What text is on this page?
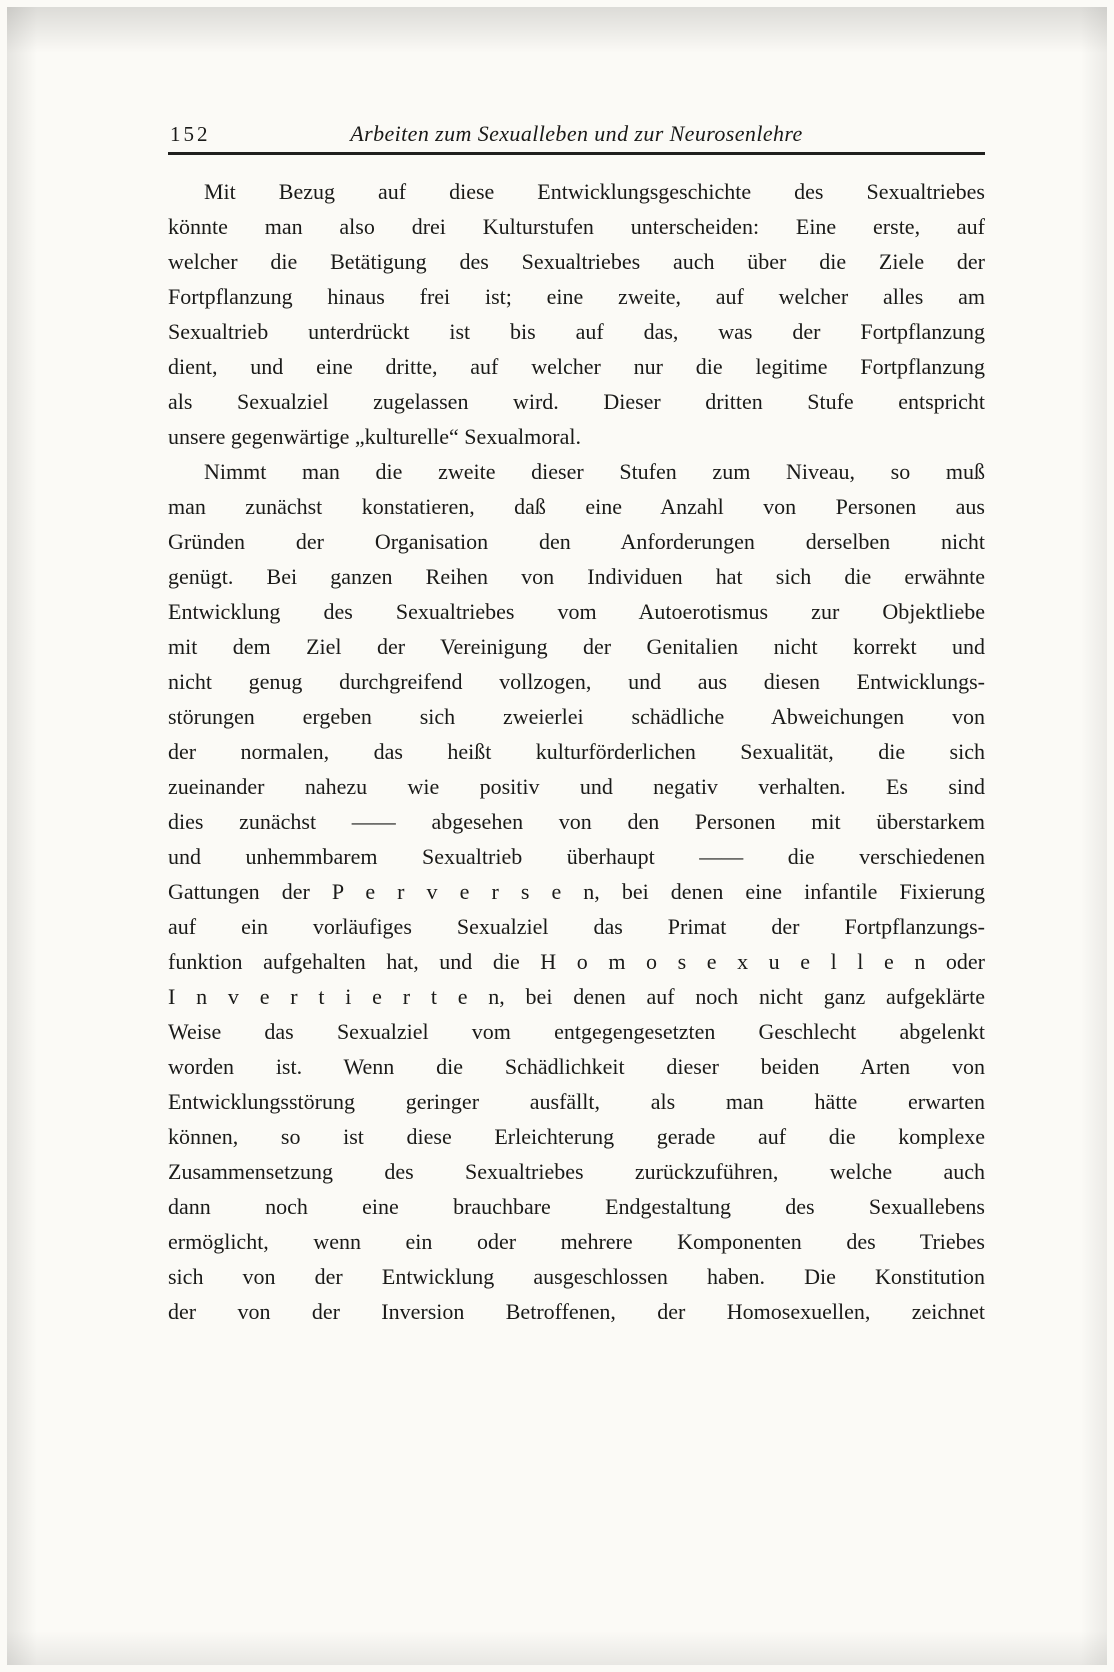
152	Arbeiten zum Sexualleben und zur Neurosenlehre
Mit Bezug auf diese Entwicklungsgeschichte des Sexualtriebes
könnte man also drei Kulturstufen unterscheiden: Eine erste, auf
welcher die Betätigung des Sexualtriebes auch über die Ziele der
Fortpflanzung hinaus frei ist; eine zweite, auf welcher alles am
Sexualtrieb unterdrückt ist bis auf das, was der Fortpflanzung
dient, und eine dritte, auf welcher nur die legitime Fortpflanzung
als Sexualziel zugelassen wird. Dieser dritten Stufe entspricht
unsere gegenwärtige „kulturelle“ Sexualmoral.
Nimmt man die zweite dieser Stufen zum Niveau, so muß
man zunächst konstatieren, daß eine Anzahl von Personen aus
Gründen der Organisation den Anforderungen derselben nicht
genügt. Bei ganzen Reihen von Individuen hat sich die erwähnte
Entwicklung des Sexualtriebes vom Autoerotismus zur Objektliebe
mit dem Ziel der Vereinigung der Genitalien nicht korrekt und
nicht genug durchgreifend vollzogen, und aus diesen Entwicklungs-
störungen ergeben sich zweierlei schädliche Abweichungen von
der normalen, das heißt kulturförderlichen Sexualität, die sich
zueinander nahezu wie positiv und negativ verhalten. Es sind
dies zunächst —— abgesehen von den Personen mit überstarkem
und unhemmbarem Sexualtrieb überhaupt —— die verschiedenen
Gattungen der P e r v e r s e n, bei denen eine infantile Fixierung
auf ein vorläufiges Sexualziel das Primat der Fortpflanzungs-
funktion aufgehalten hat, und die H o m o s e x u e l l e n oder
I n v e r t i e r t e n, bei denen auf noch nicht ganz aufgeklärte
Weise das Sexualziel vom entgegengesetzten Geschlecht abgelenkt
worden ist. Wenn die Schädlichkeit dieser beiden Arten von
Entwicklungsstörung geringer ausfällt, als man hätte erwarten
können, so ist diese Erleichterung gerade auf die komplexe
Zusammensetzung des Sexualtriebes zurückzuführen, welche auch
dann noch eine brauchbare Endgestaltung des Sexuallebens
ermöglicht, wenn ein oder mehrere Komponenten des Triebes
sich von der Entwicklung ausgeschlossen haben. Die Konstitution
der von der Inversion Betroffenen, der Homosexuellen, zeichnet
